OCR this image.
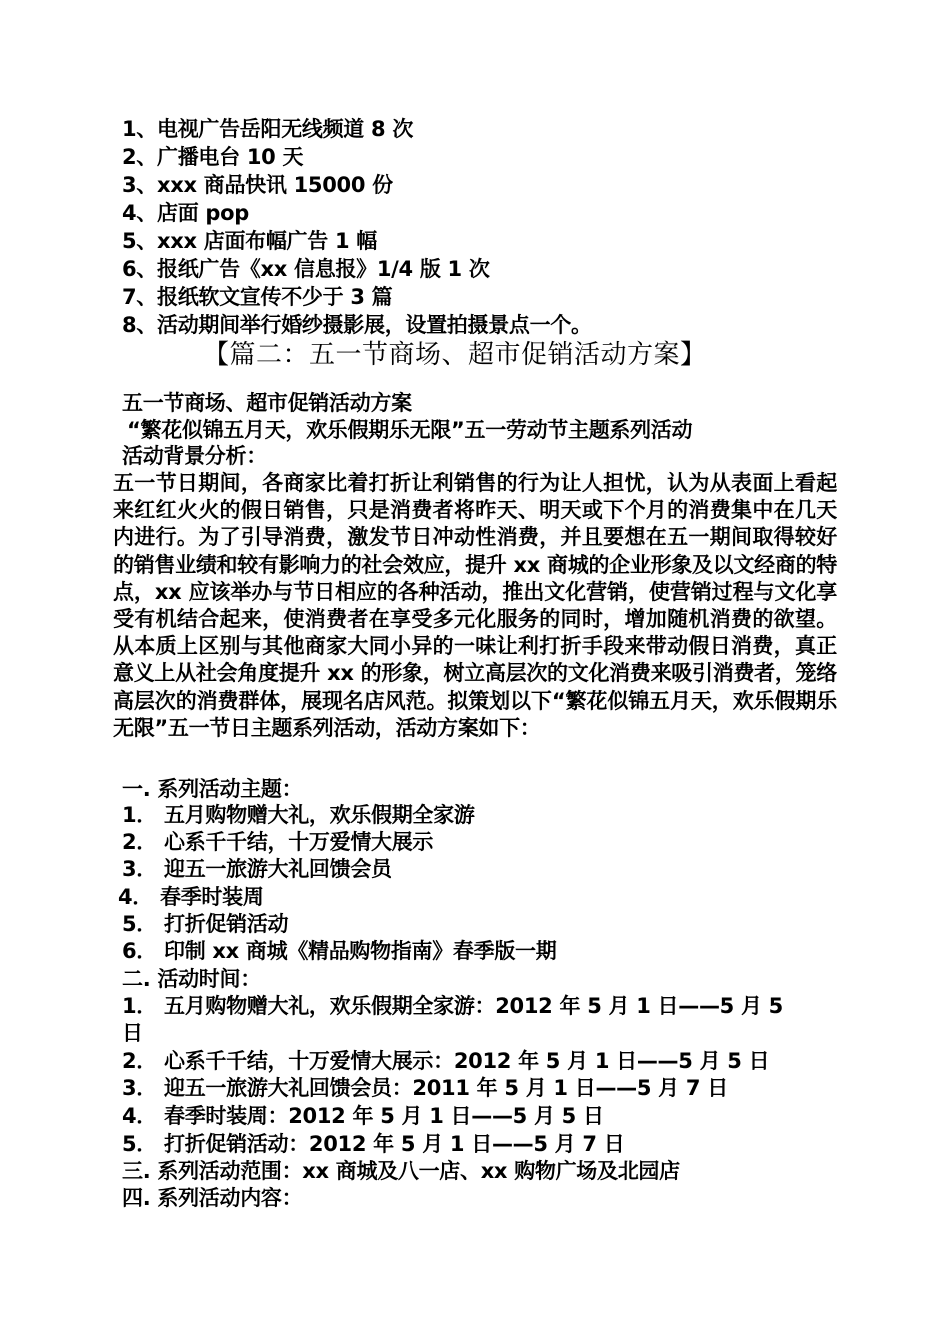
1、电视广告岳阳无线频道 8 次
2、广播电台 10 天
3、xxx 商品快讯 15000 份
4、店面 pop
5、xxx 店面布幅广告 1 幅
6、报纸广告《xx 信息报》1/4 版 1 次
7、报纸软文宣传不少于 3 篇
8、活动期间举行婚纱摄影展，设置拍摄景点一个。
【篇二：五一节商场、超市促销活动方案】
五一节商场、超市促销活动方案
“繁花似锦五月天，欢乐假期乐无限”五一劳动节主题系列活动
活动背景分析：
五一节日期间，各商家比着打折让利销售的行为让人担忧，认为从表面上看起来红红火火的假日销售，只是消费者将昨天、明天或下个月的消费集中在几天内进行。为了引导消费，激发节日冲动性消费，并且要想在五一期间取得较好的销售业绩和较有影响力的社会效应，提升 xx 商城的企业形象及以文经商的特点，xx 应该举办与节日相应的各种活动，推出文化营销，使营销过程与文化享受有机结合起来，使消费者在享受多元化服务的同时，增加随机消费的欲望。从本质上区别与其他商家大同小异的一味让利打折手段来带动假日消费，真正意义上从社会角度提升 xx 的形象，树立高层次的文化消费来吸引消费者，笼络高层次的消费群体，展现名店风范。拟策划以下“繁花似锦五月天，欢乐假期乐无限”五一节日主题系列活动，活动方案如下：
一. 系列活动主题：
1． 五月购物赠大礼，欢乐假期全家游
2． 心系千千结，十万爱情大展示
3． 迎五一旅游大礼回馈会员
4． 春季时装周
5． 打折促销活动
6． 印制 xx 商城《精品购物指南》春季版一期
二. 活动时间：
1． 五月购物赠大礼，欢乐假期全家游：2012 年 5 月 1 日——5 月 5
日
2． 心系千千结，十万爱情大展示：2012 年 5 月 1 日——5 月 5 日
3． 迎五一旅游大礼回馈会员：2011 年 5 月 1 日——5 月 7 日
4． 春季时装周：2012 年 5 月 1 日——5 月 5 日
5． 打折促销活动：2012 年 5 月 1 日——5 月 7 日
三. 系列活动范围：xx 商城及八一店、xx 购物广场及北园店
四. 系列活动内容：
